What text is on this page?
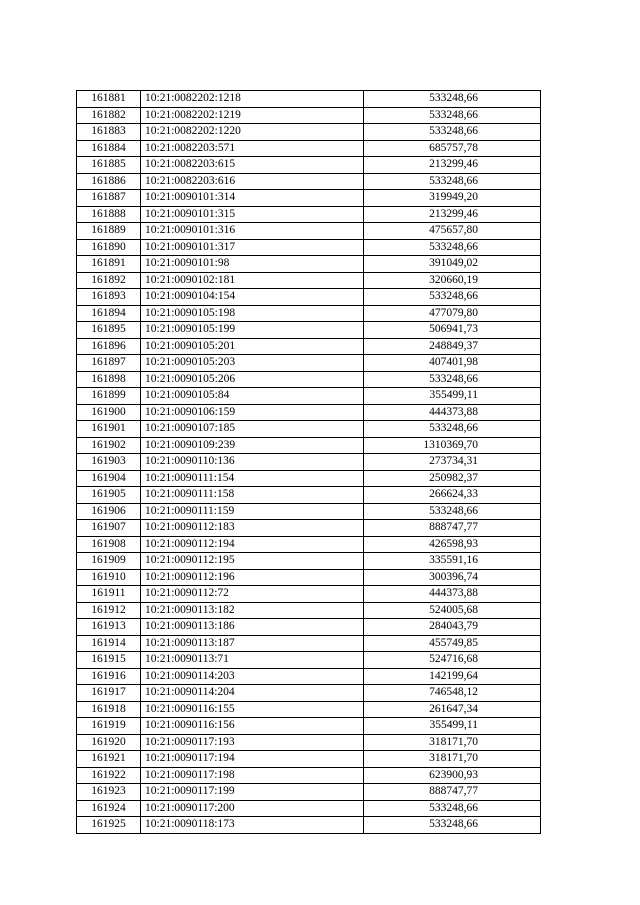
161881	10:21:0082202:1218	533248,66
161882	10:21:0082202:1219	533248,66
161883	10:21:0082202:1220	533248,66
161884	10:21:0082203:571	685757,78
161885	10:21:0082203:615	213299,46
161886	10:21:0082203:616	533248,66
161887	10:21:0090101:314	319949,20
161888	10:21:0090101:315	213299,46
161889	10:21:0090101:316	475657,80
161890	10:21:0090101:317	533248,66
161891	10:21:0090101:98	391049,02
161892	10:21:0090102:181	320660,19
161893	10:21:0090104:154	533248,66
161894	10:21:0090105:198	477079,80
161895	10:21:0090105:199	506941,73
161896	10:21:0090105:201	248849,37
161897	10:21:0090105:203	407401,98
161898	10:21:0090105:206	533248,66
161899	10:21:0090105:84	355499,11
161900	10:21:0090106:159	444373,88
161901	10:21:0090107:185	533248,66
161902	10:21:0090109:239	1310369,70
161903	10:21:0090110:136	273734,31
161904	10:21:0090111:154	250982,37
161905	10:21:0090111:158	266624,33
161906	10:21:0090111:159	533248,66
161907	10:21:0090112:183	888747,77
161908	10:21:0090112:194	426598,93
161909	10:21:0090112:195	335591,16
161910	10:21:0090112:196	300396,74
161911	10:21:0090112:72	444373,88
161912	10:21:0090113:182	524005,68
161913	10:21:0090113:186	284043,79
161914	10:21:0090113:187	455749,85
161915	10:21:0090113:71	524716,68
161916	10:21:0090114:203	142199,64
161917	10:21:0090114:204	746548,12
161918	10:21:0090116:155	261647,34
161919	10:21:0090116:156	355499,11
161920	10:21:0090117:193	318171,70
161921	10:21:0090117:194	318171,70
161922	10:21:0090117:198	623900,93
161923	10:21:0090117:199	888747,77
161924	10:21:0090117:200	533248,66
161925	10:21:0090118:173	533248,66
